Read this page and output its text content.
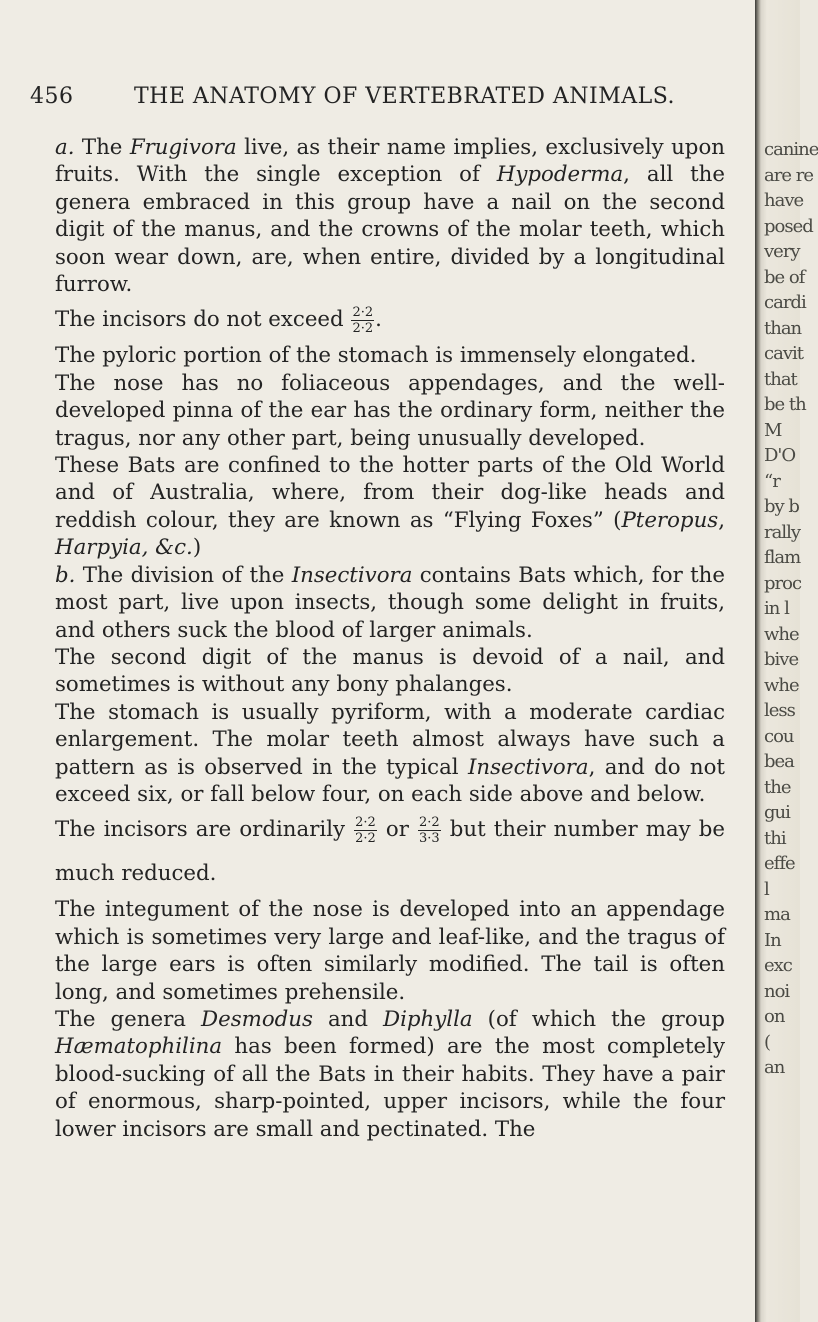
456	THE ANATOMY OF VERTEBRATED ANIMALS.

a. The Frugivora live, as their name implies, exclusively upon fruits. With the single exception of Hypoderma, all the genera embraced in this group have a nail on the second digit of the manus, and the crowns of the molar teeth, which soon wear down, are, when entire, divided by a longitudinal furrow.

The incisors do not exceed $\frac{2\cdot 2}{2\cdot 2}$ .

The pyloric portion of the stomach is immensely elongated.

The nose has no foliaceous appendages, and the well-developed pinna of the ear has the ordinary form, neither the tragus, nor any other part, being unusually developed.

These Bats are confined to the hotter parts of the Old World and of Australia, where, from their dog-like heads and reddish colour, they are known as “Flying Foxes” (Pteropus, Harpyia, &c.)

b. The division of the Insectivora contains Bats which, for the most part, live upon insects, though some delight in fruits, and others suck the blood of larger animals.

The second digit of the manus is devoid of a nail, and sometimes is without any bony phalanges.

The stomach is usually pyriform, with a moderate cardiac enlargement. The molar teeth almost always have such a pattern as is observed in the typical Insectivora, and do not exceed six, or fall below four, on each side above and below.

The incisors are ordinarily $\frac{2\cdot 2}{2\cdot 2}$ or $\frac{2\cdot 2}{3\cdot 3}$ but their number may be much reduced.

The integument of the nose is developed into an appendage which is sometimes very large and leaf-like, and the tragus of the large ears is often similarly modified. The tail is often long, and sometimes prehensile.

The genera Desmodus and Diphylla (of which the group Hæmatophilina has been formed) are the most completely blood-sucking of all the Bats in their habits. They have a pair of enormous, sharp-pointed, upper incisors, while the four lower incisors are small and pectinated. The

canine
are re
have
posed
very
be of
cardi
than
cavit
that
be th
M
D'O
“r
by b
rally
flam
proc
in l
whe
bive
whe
less
cou
bea
the
gui
thi
effe
l
ma
In
exc
noi
on
(
an
